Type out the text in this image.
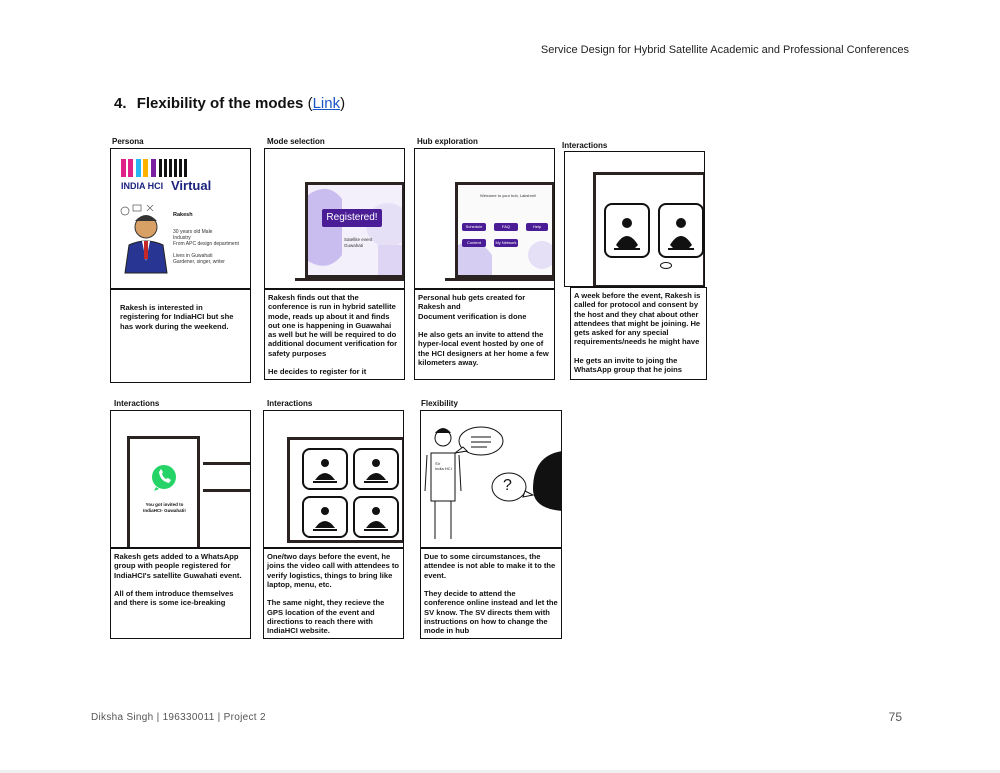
Service Design for Hybrid Satellite Academic and Professional Conferences
4. Flexibility of the modes (Link)
Persona
INDIA HCI Virtual
Rakesh
30 years old Male
Industry
From APC design department

Lives in Guwahati
Gardener, singer, writer
Rakesh is interested in registering for IndiaHCI but she has work during the weekend.
Mode selection
Registered!
Satellite event
Guwahati
Rakesh finds out that the conference is run in hybrid satellite mode, reads up about it and finds out one is happening in Guawahai as well but he will be required to do additional document verification for safety purposes

He decides to register for it
Hub exploration
Welcome to your hub, Lakshmi!
Schedule	FAQ	Help
Content	My Network
Personal hub gets created for Rakesh and
Document verification is done

He also gets an invite to attend the hyper-local event hosted by one of the HCI designers at her home a few kilometers away.
Interactions
A week before the event, Rakesh is called for protocol and consent by the host and they chat about other attendees that might be joining. He gets asked for any special requirements/needs he might have

He gets an invite to joing the WhatsApp group that he joins
Interactions
You got invited to
IndiaHCI- Guwahati!
Rakesh gets added to a WhatsApp group with people registered for IndiaHCI's satellite Guwahati event.

All of them introduce themselves and there is some ice-breaking
Interactions
One/two days before the event, he joins the video call with attendees to verify logistics, things to bring like laptop, menu, etc.

The same night, they recieve the GPS location of the event and directions to reach there with IndiaHCI website.
Flexibility
SV
India HCI
?
Due to some circumstances, the attendee is not able to make it to the event.

They decide to attend the conference online instead and let the SV know. The SV directs them with instructions on how to change the mode in hub
Diksha Singh | 196330011 | Project 2	75
